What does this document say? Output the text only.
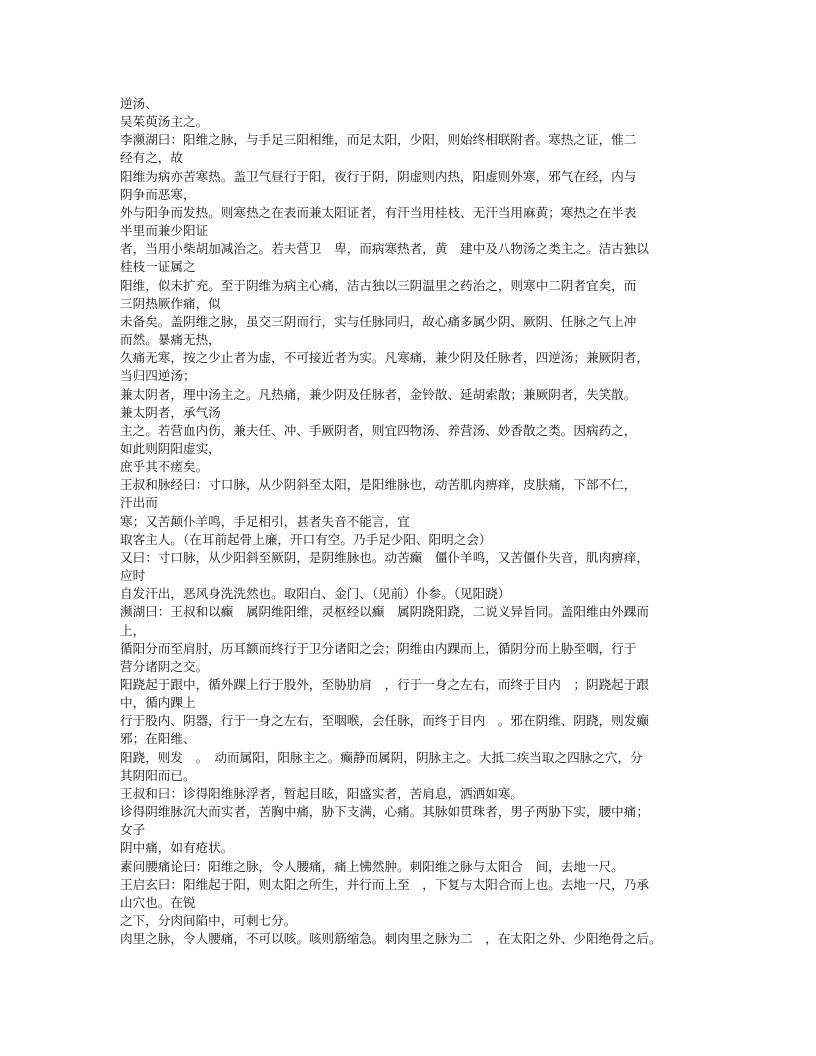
逆汤、
吴茱萸汤主之。
李濒湖曰：阳维之脉，与手足三阳相维，而足太阳，少阳，则始终相联附者。寒热之证，惟二
经有之，故
阳维为病亦苦寒热。盖卫气昼行于阳，夜行于阴，阴虚则内热，阳虚则外寒，邪气在经，内与
阴争而恶寒，
外与阳争而发热。则寒热之在表而兼太阳证者，有汗当用桂枝、无汗当用麻黄；寒热之在半表
半里而兼少阳证
者，当用小柴胡加减治之。若夫营卫　卑，而病寒热者，黄　建中及八物汤之类主之。洁古独以
桂枝一证属之
阳维，似未扩充。至于阴维为病主心痛，洁古独以三阴温里之药治之，则寒中二阴者宜矣，而
三阴热厥作痛，似
未备矣。盖阴维之脉，虽交三阴而行，实与任脉同归，故心痛多属少阴、厥阴、任脉之气上冲
而然。暴痛无热，
久痛无寒，按之少止者为虚，不可接近者为实。凡寒痛，兼少阴及任脉者，四逆汤；兼厥阴者，
当归四逆汤；
兼太阴者，理中汤主之。凡热痛，兼少阴及任脉者，金铃散、延胡索散；兼厥阴者，失笑散。
兼太阴者，承气汤
主之。若营血内伤，兼夫任、冲、手厥阴者，则宜四物汤、养营汤、妙香散之类。因病药之，
如此则阴阳虚实，
庶乎其不瘥矣。
王叔和脉经曰：寸口脉，从少阴斜至太阳，是阳维脉也，动苦肌肉痹痒，皮肤痛，下部不仁，
汗出而
寒；又苦颠仆羊鸣，手足相引，甚者失音不能言，宜
取客主人。（在耳前起骨上廉，开口有空。乃手足少阳、阳明之会）
又曰：寸口脉，从少阳斜至厥阴，是阴维脉也。动苦癫　僵仆羊鸣，又苦僵仆失音，肌肉痹痒，
应时
自发汗出，恶风身洗洗然也。取阳白、金门、（见前）仆参。（见阳跷）
濒湖曰：王叔和以癫　属阴维阳维，灵枢经以癫　属阴跷阳跷，二说义异旨同。盖阳维由外踝而
上，
循阳分而至肩肘，历耳额而终行于卫分诸阳之会；阴维由内踝而上，循阴分而上胁至咽，行于
营分诸阴之交。
阳跷起于跟中，循外踝上行于股外，至胁肋肩　，行于一身之左右，而终于目内　；阴跷起于跟
中，循内踝上
行于股内、阴器，行于一身之左右，至咽喉，会任脉，而终于目内　。邪在阴维、阴跷，则发癫
邪；在阳维、
阳跷，则发　。　动而属阳，阳脉主之。癫静而属阴，阴脉主之。大抵二疾当取之四脉之穴，分
其阴阳而已。
王叔和曰：诊得阳维脉浮者，暂起目眩，阳盛实者，苦肩息，洒洒如寒。
诊得阴维脉沉大而实者，苦胸中痛，胁下支满，心痛。其脉如贯珠者，男子两胁下实，腰中痛；
女子
阴中痛，如有疮状。
素问腰痛论曰：阳维之脉，令人腰痛，痛上怫然肿。刺阳维之脉与太阳合　间，去地一尺。
王启玄曰：阳维起于阳，则太阳之所生，并行而上至　，下复与太阳合而上也。去地一尺，乃承
山穴也。在锐
之下，分肉间陷中，可刺七分。
肉里之脉，令人腰痛，不可以咳。咳则筋缩急。刺肉里之脉为二　，在太阳之外、少阳绝骨之后。
